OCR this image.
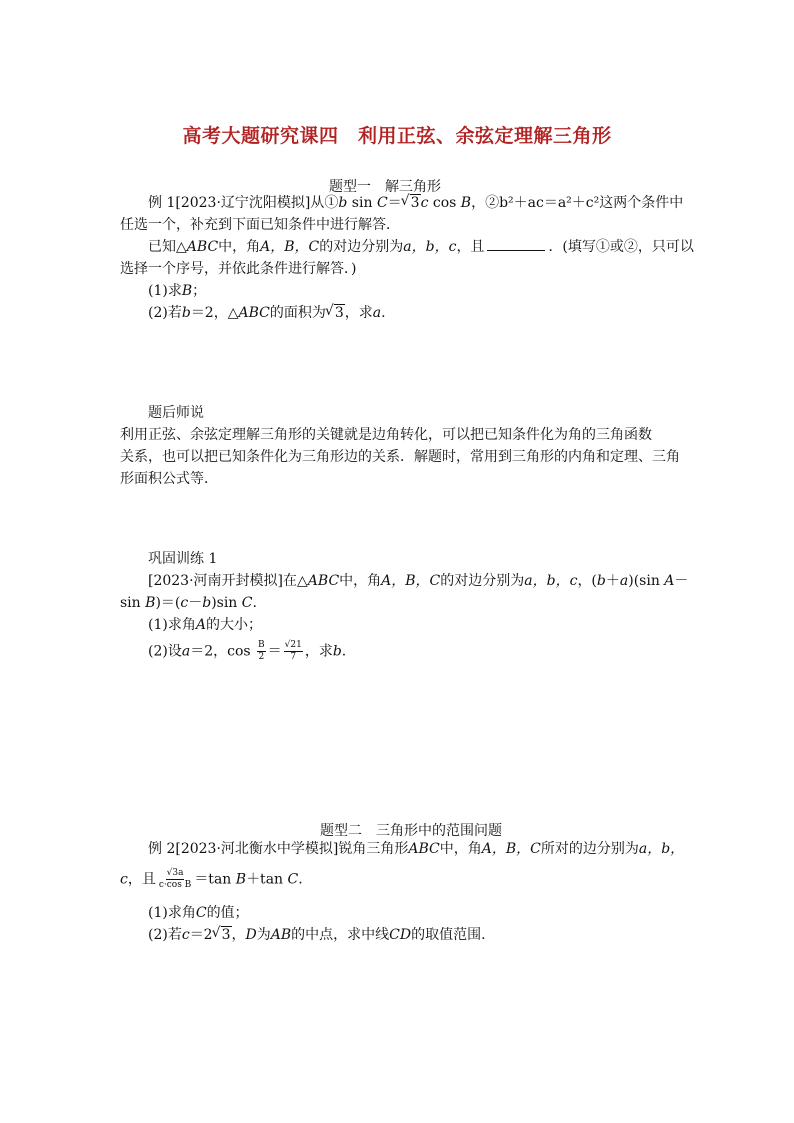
高考大题研究课四　利用正弦、余弦定理解三角形
题型一　解三角形
例 1[2023·辽宁沈阳模拟]从①b sin C＝ √ 3c cos B，②b²＋ac＝a²＋c²这两个条件中
任选一个，补充到下面已知条件中进行解答．
已知△ABC中，角A，B，C的对边分别为a，b，c，且	．(填写①或②，只可以
选择一个序号，并依此条件进行解答．)
(1)求B；
(2)若b＝2，△ABC的面积为 √ 3，求a.
题后师说
利用正弦、余弦定理解三角形的关键就是边角转化，可以把已知条件化为角的三角函数
关系，也可以把已知条件化为三角形边的关系．解题时，常用到三角形的内角和定理、三角
形面积公式等．
巩固训练 1
[2023·河南开封模拟]在△ABC中，角A，B，C的对边分别为a，b，c，(b＋a)(sin A－
sin B)＝(c－b)sin C.
(1)求角A的大小；
(2)设a＝2，$\cos \frac{B}{2} = \frac{√21}{7}$ ，求b.
题型二　三角形中的范围问题
例 2[2023·河北衡水中学模拟]锐角三角形ABC中，角A，B，C所对的边分别为a，b，
c，且 $\frac{√3a}{\text{c·cos B}} =\tan$ B＋tan C.
(1)求角C的值；
(2)若c＝2 √ 3，D为AB的中点，求中线CD的取值范围.
